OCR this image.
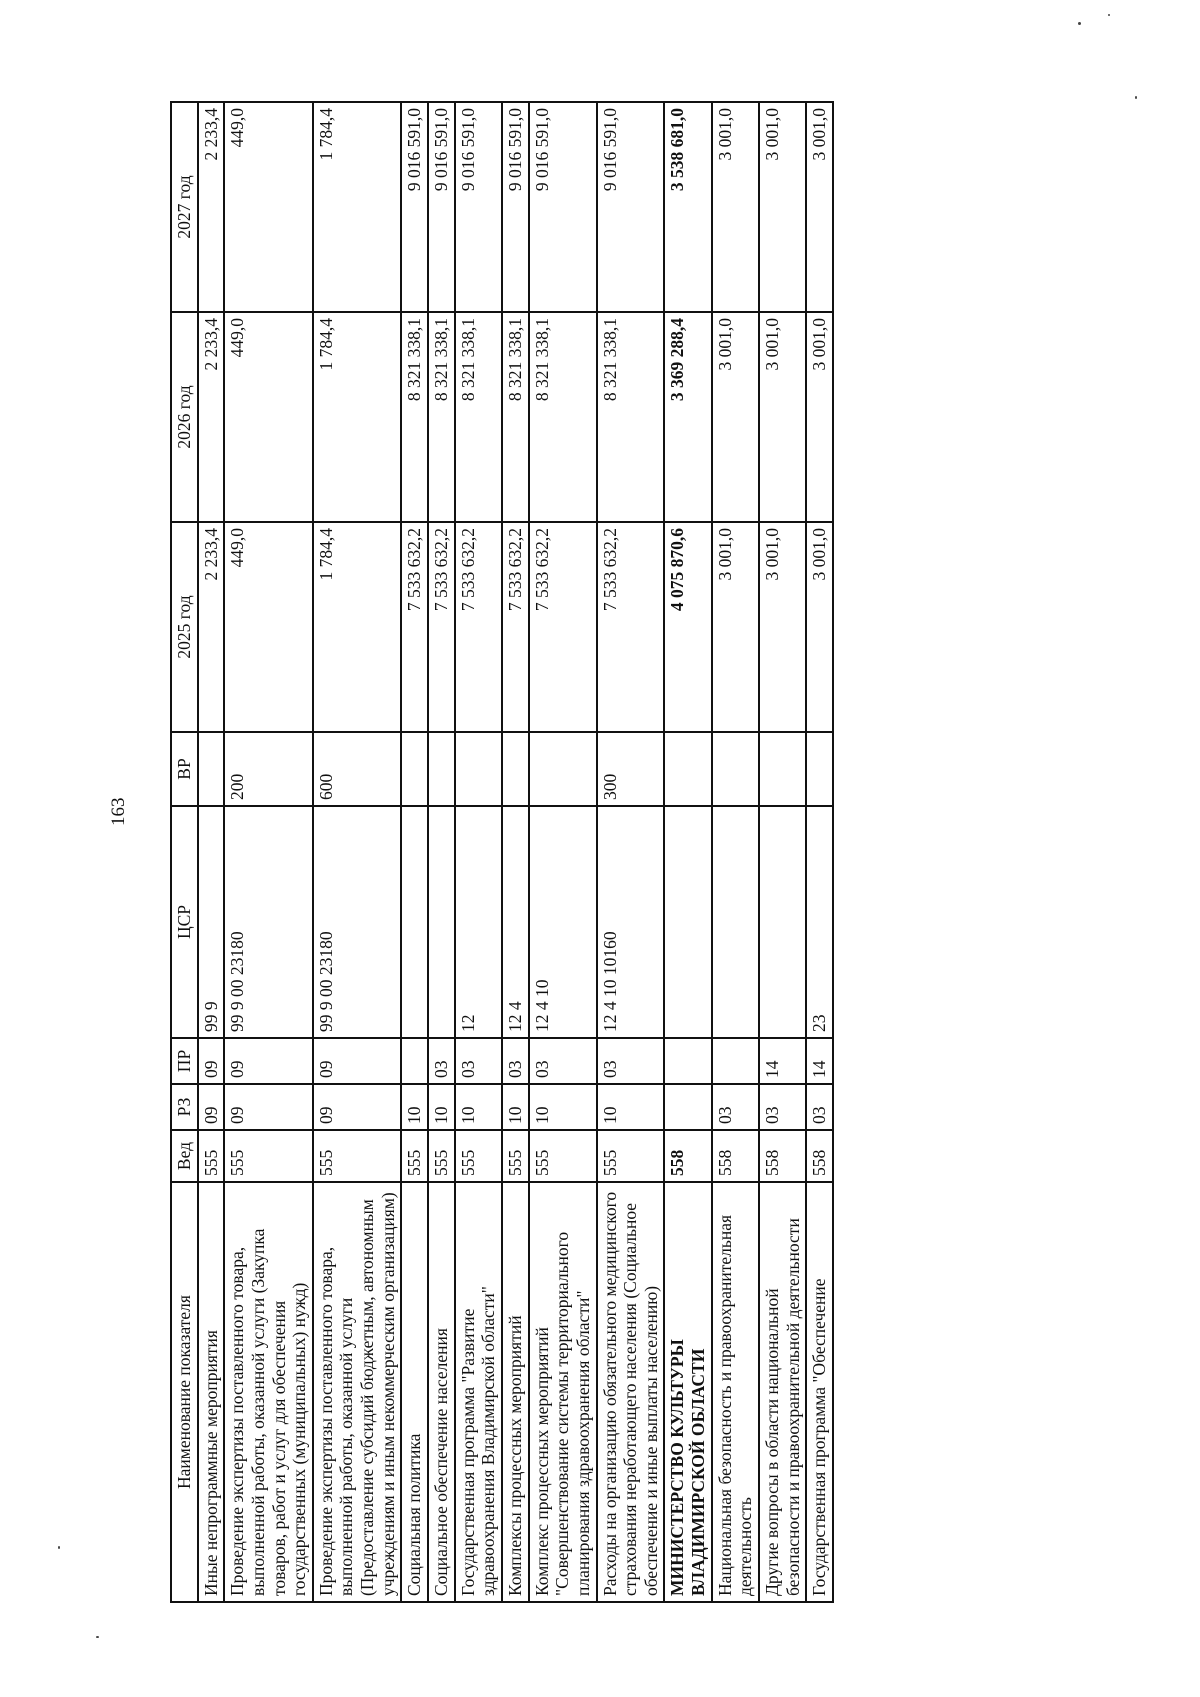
163
Наименование показателя	Вед	РЗ	ПР	ЦСР	ВР	2025 год	2026 год	2027 год
Иные непрограммные мероприятия	555	09	09	99 9		2 233,4	2 233,4	2 233,4
Проведение экспертизы поставленного товара, выполненной работы, оказанной услуги (Закупка товаров, работ и услуг для обеспечения государственных (муниципальных) нужд)	555	09	09	99 9 00 23180	200	449,0	449,0	449,0
Проведение экспертизы поставленного товара, выполненной работы, оказанной услуги (Предоставление субсидий бюджетным, автономным учреждениям и иным некоммерческим организациям)	555	09	09	99 9 00 23180	600	1 784,4	1 784,4	1 784,4
Социальная политика	555	10				7 533 632,2	8 321 338,1	9 016 591,0
Социальное обеспечение населения	555	10	03			7 533 632,2	8 321 338,1	9 016 591,0
Государственная программа "Развитие здравоохранения Владимирской области"	555	10	03	12		7 533 632,2	8 321 338,1	9 016 591,0
Комплексы процессных мероприятий	555	10	03	12 4		7 533 632,2	8 321 338,1	9 016 591,0
Комплекс процессных мероприятий "Совершенствование системы территориального планирования здравоохранения области"	555	10	03	12 4 10		7 533 632,2	8 321 338,1	9 016 591,0
Расходы на организацию обязательного медицинского страхования неработающего населения (Социальное обеспечение и иные выплаты населению)	555	10	03	12 4 10 10160	300	7 533 632,2	8 321 338,1	9 016 591,0
МИНИСТЕРСТВО КУЛЬТУРЫ ВЛАДИМИРСКОЙ ОБЛАСТИ	558					4 075 870,6	3 369 288,4	3 538 681,0
Национальная безопасность и правоохранительная деятельность	558	03				3 001,0	3 001,0	3 001,0
Другие вопросы в области национальной безопасности и правоохранительной деятельности	558	03	14			3 001,0	3 001,0	3 001,0
Государственная программа "Обеспечение	558	03	14	23		3 001,0	3 001,0	3 001,0
